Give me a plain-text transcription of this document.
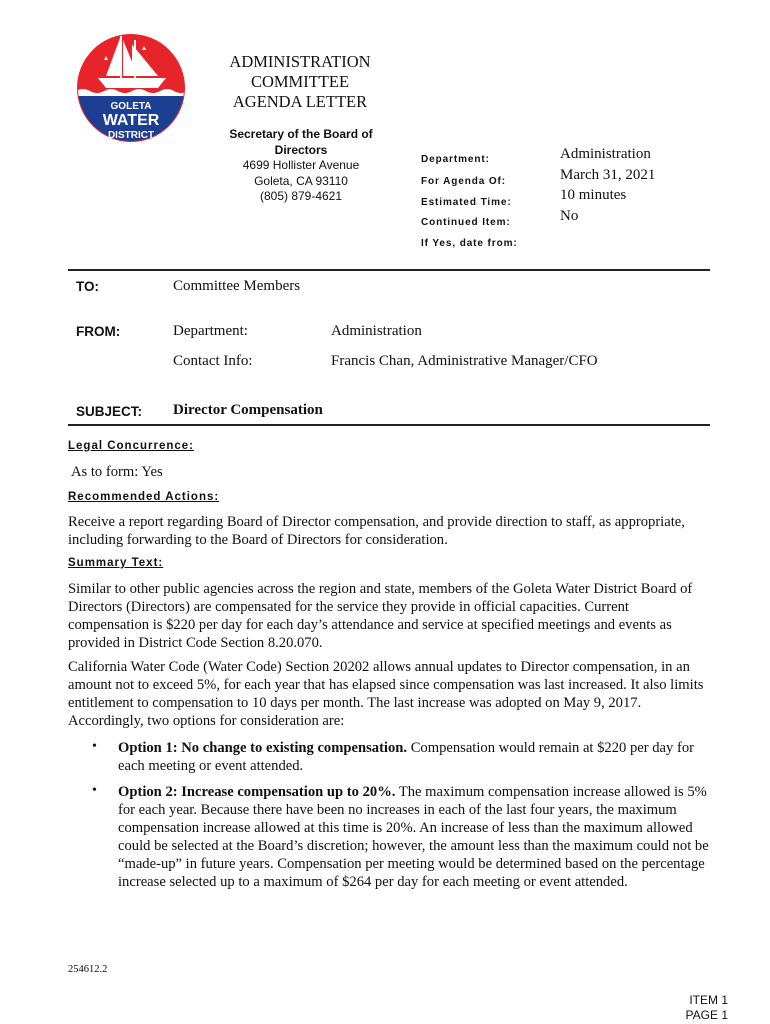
GOLETA
WATER
DISTRICT
ADMINISTRATION
COMMITTEE
AGENDA LETTER
Secretary of the Board of
Directors
4699 Hollister Avenue
Goleta, CA 93110
(805) 879-4621
Department:	Administration
For Agenda Of:	March 31, 2021
Estimated Time:	10 minutes
Continued Item:	No
If Yes, date from:
TO:	Committee Members
FROM:	Department:	Administration
Contact Info:	Francis Chan, Administrative Manager/CFO
SUBJECT: Director Compensation
Legal Concurrence:
As to form: Yes
Recommended Actions:
Receive a report regarding Board of Director compensation, and provide direction to staff, as appropriate, including forwarding to the Board of Directors for consideration.
Summary Text:
Similar to other public agencies across the region and state, members of the Goleta Water District Board of Directors (Directors) are compensated for the service they provide in official capacities. Current compensation is $220 per day for each day’s attendance and service at specified meetings and events as provided in District Code Section 8.20.070.
California Water Code (Water Code) Section 20202 allows annual updates to Director compensation, in an amount not to exceed 5%, for each year that has elapsed since compensation was last increased. It also limits entitlement to compensation to 10 days per month. The last increase was adopted on May 9, 2017. Accordingly, two options for consideration are:
• Option 1: No change to existing compensation. Compensation would remain at $220 per day for each meeting or event attended.
• Option 2: Increase compensation up to 20%. The maximum compensation increase allowed is 5% for each year. Because there have been no increases in each of the last four years, the maximum compensation increase allowed at this time is 20%. An increase of less than the maximum allowed could be selected at the Board’s discretion; however, the amount less than the maximum could not be “made-up” in future years. Compensation per meeting would be determined based on the percentage increase selected up to a maximum of $264 per day for each meeting or event attended.
254612.2
ITEM 1
PAGE 1
